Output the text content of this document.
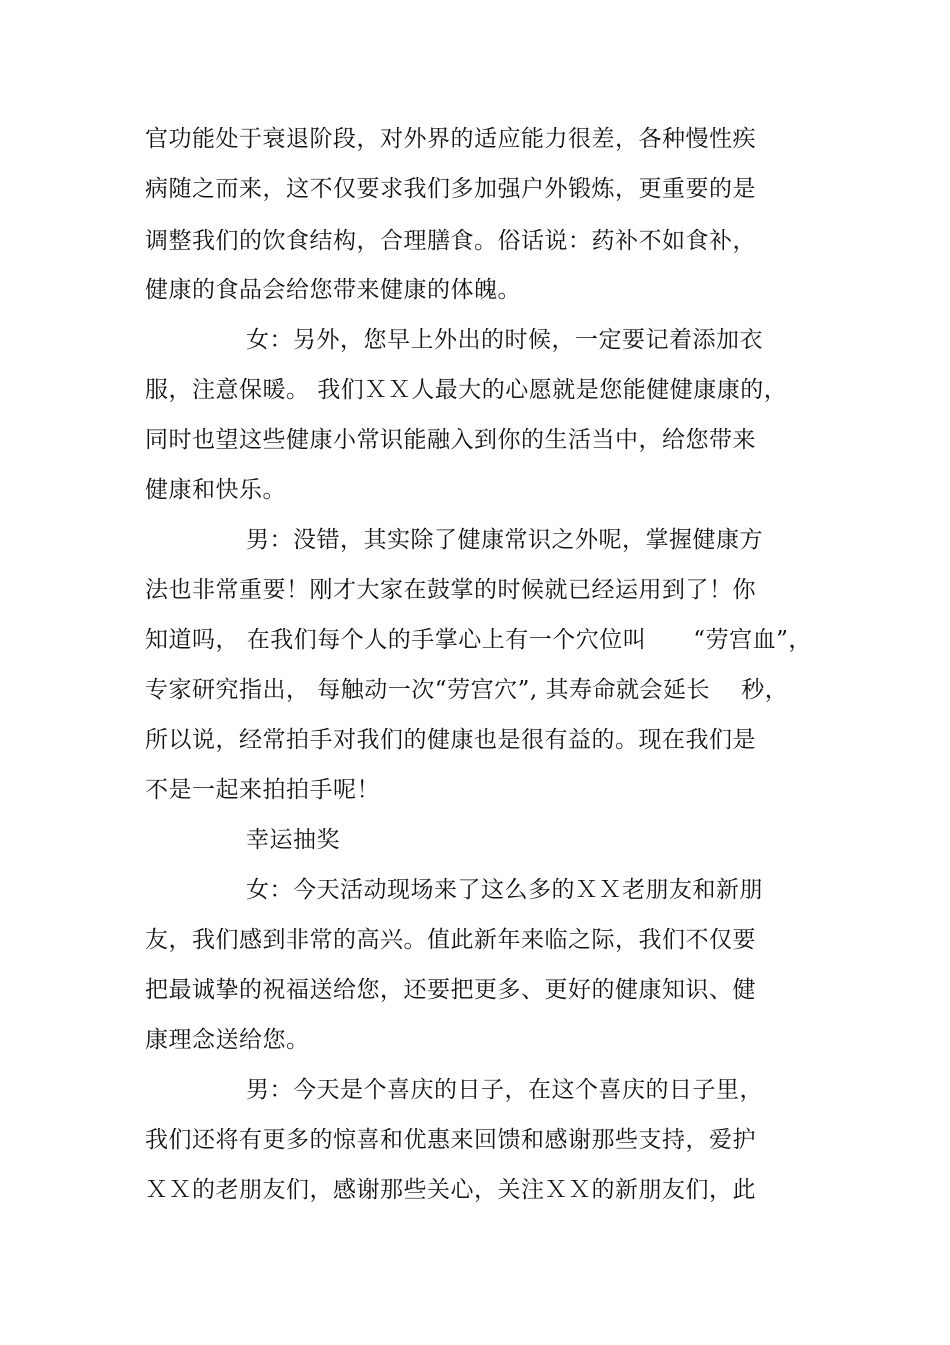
官功能处于衰退阶段，对外界的适应能力很差，各种慢性疾
病随之而来，这不仅要求我们多加强户外锻炼，更重要的是
调整我们的饮食结构，合理膳食。俗话说：药补不如食补，
健康的食品会给您带来健康的体魄。
女：另外，您早上外出的时候，一定要记着添加衣
服，注意保暖。 我们ＸＸ人最大的心愿就是您能健健康康的，
同时也望这些健康小常识能融入到你的生活当中，给您带来
健康和快乐。
男：没错，其实除了健康常识之外呢，掌握健康方
法也非常重要！刚才大家在鼓掌的时候就已经运用到了！你
知道吗， 在我们每个人的手掌心上有一个穴位叫　　“劳宫血”，
专家研究指出， 每触动一次“劳宫穴”, 其寿命就会延长　 秒，
所以说，经常拍手对我们的健康也是很有益的。现在我们是
不是一起来拍拍手呢！
幸运抽奖
女：今天活动现场来了这么多的ＸＸ老朋友和新朋
友，我们感到非常的高兴。值此新年来临之际，我们不仅要
把最诚挚的祝福送给您，还要把更多、更好的健康知识、健
康理念送给您。
男：今天是个喜庆的日子，在这个喜庆的日子里，
我们还将有更多的惊喜和优惠来回馈和感谢那些支持，爱护
ＸＸ的老朋友们，感谢那些关心，关注ＸＸ的新朋友们，此
